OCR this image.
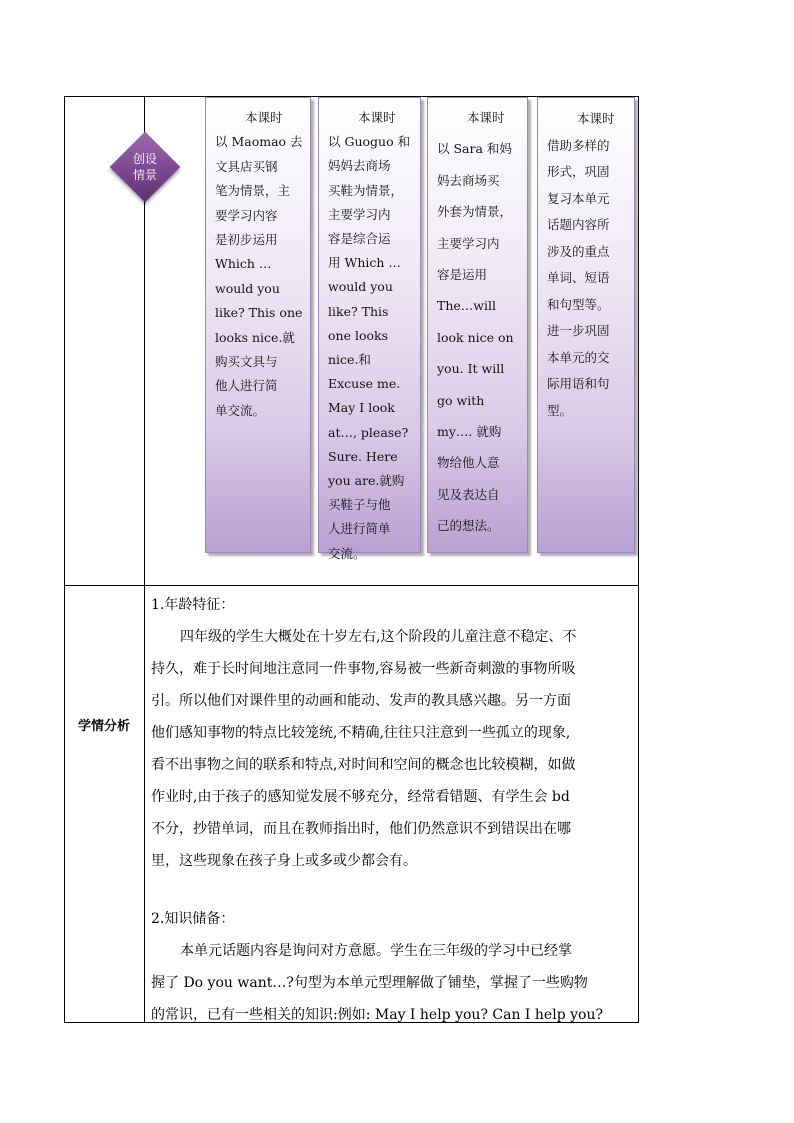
创设
情景
本课时
以 Maomao 去
文具店买钢
笔为情景，主
要学习内容
是初步运用
Which …
would you
like? This one
looks nice.就
购买文具与
他人进行简
单交流。
本课时
以 Guoguo 和
妈妈去商场
买鞋为情景，
主要学习内
容是综合运
用 Which …
would you
like? This
one looks
nice.和
Excuse me.
May I look
at…, please?
Sure. Here
you are.就购
买鞋子与他
人进行简单
交流。
本课时
以 Sara 和妈
妈去商场买
外套为情景，
主要学习内
容是运用
The…will
look nice on
you. It will
go with
my…. 就购
物给他人意
见及表达自
己的想法。
本课时
借助多样的
形式，巩固
复习本单元
话题内容所
涉及的重点
单词、短语
和句型等。
进一步巩固
本单元的交
际用语和句
型。
学情分析
1.年龄特征：
四年级的学生大概处在十岁左右,这个阶段的儿童注意不稳定、不
持久，难于长时间地注意同一件事物,容易被一些新奇刺激的事物所吸
引。所以他们对课件里的动画和能动、发声的教具感兴趣。另一方面
他们感知事物的特点比较笼统,不精确,往往只注意到一些孤立的现象,
看不出事物之间的联系和特点,对时间和空间的概念也比较模糊，如做
作业时,由于孩子的感知觉发展不够充分，经常看错题、有学生会 bd
不分，抄错单词，而且在教师指出时，他们仍然意识不到错误出在哪
里，这些现象在孩子身上或多或少都会有。
2.知识储备：
本单元话题内容是询问对方意愿。学生在三年级的学习中已经掌
握了 Do you want…?句型为本单元型理解做了铺垫，掌握了一些购物
的常识，已有一些相关的知识:例如: May I help you? Can I help you?
